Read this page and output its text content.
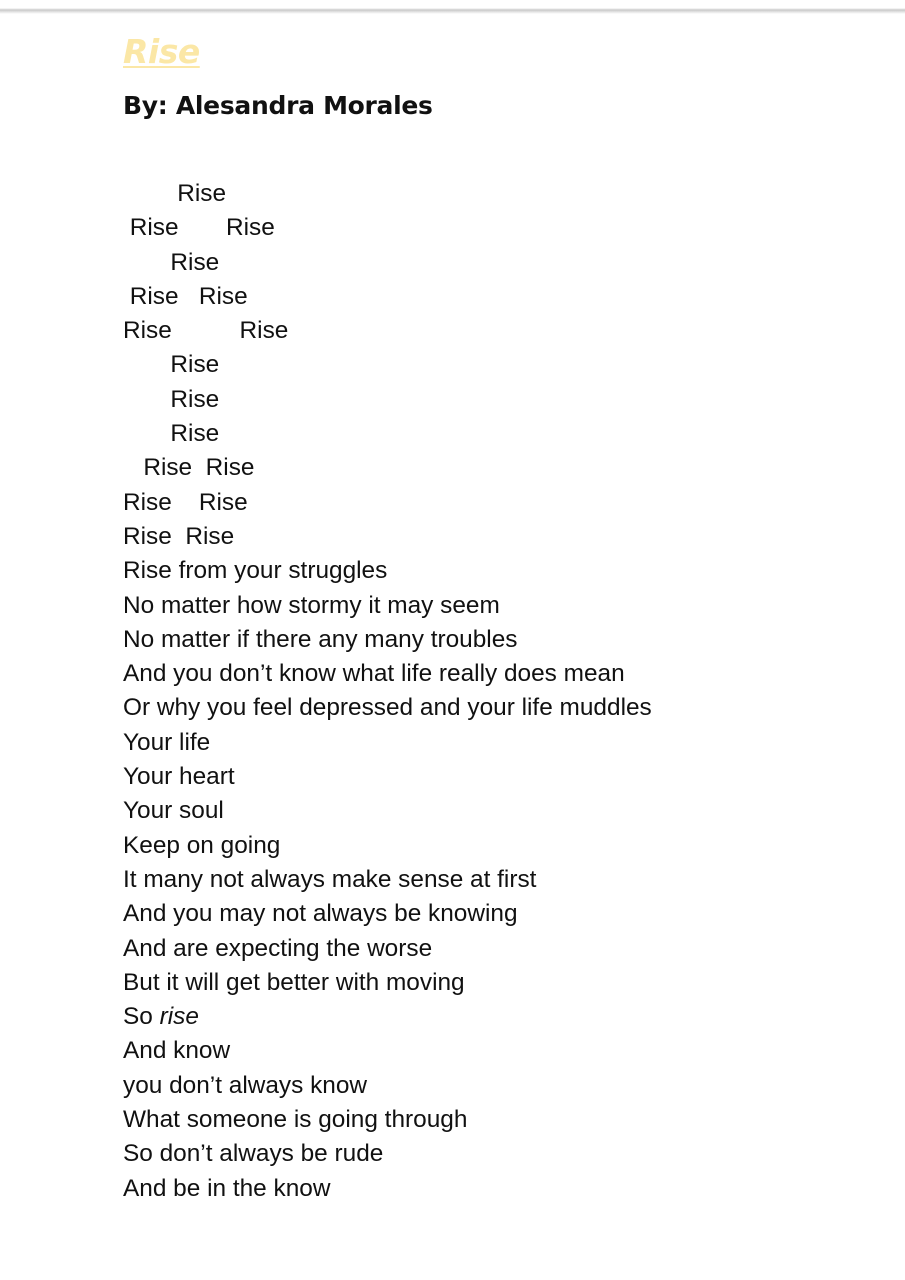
Rise
By: Alesandra Morales
Rise
Rise       Rise
Rise
Rise   Rise
Rise          Rise
Rise
Rise
Rise
Rise  Rise
Rise    Rise
Rise  Rise
Rise from your struggles
No matter how stormy it may seem
No matter if there any many troubles
And you don’t know what life really does mean
Or why you feel depressed and your life muddles
Your life
Your heart
Your soul
Keep on going
It many not always make sense at first
And you may not always be knowing
And are expecting the worse
But it will get better with moving
So rise
And know
you don’t always know
What someone is going through
So don’t always be rude
And be in the know
